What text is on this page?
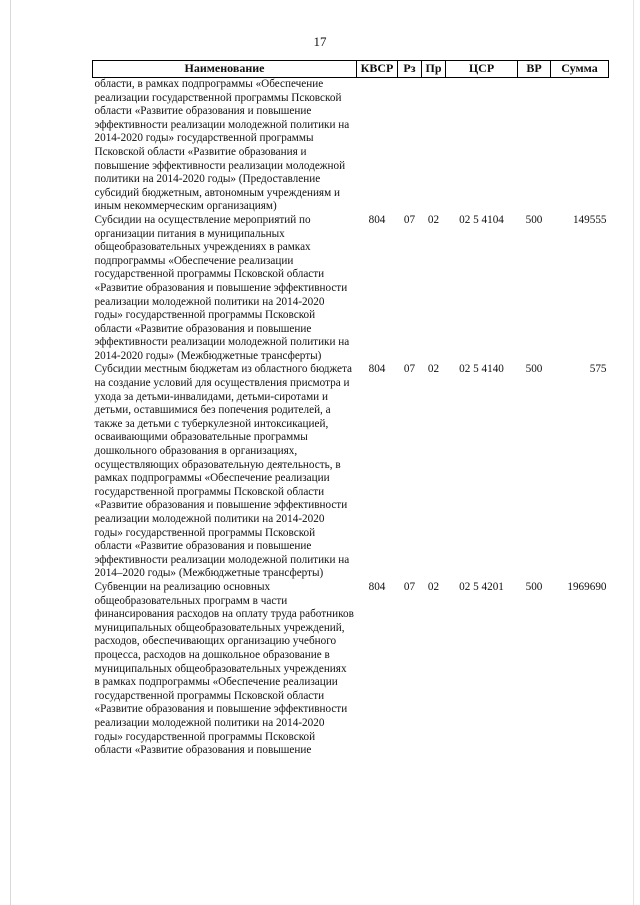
17
Наименование	КВСР	Рз	Пр	ЦСР	ВР	Сумма
области, в рамках подпрограммы «Обеспечение реализации государственной программы Псковской области «Развитие образования и повышение эффективности реализации молодежной политики на 2014-2020 годы» государственной программы Псковской области «Развитие образования и повышение эффективности реализации молодежной политики на 2014-2020 годы» (Предоставление субсидий бюджетным, автономным учреждениям и иным некоммерческим организациям)						
Субсидии на осуществление мероприятий по организации питания в муниципальных общеобразовательных учреждениях в рамках подпрограммы «Обеспечение реализации государственной программы Псковской области «Развитие образования и повышение эффективности реализации молодежной политики на 2014-2020 годы» государственной программы Псковской области «Развитие образования и повышение эффективности реализации молодежной политики на 2014-2020 годы» (Межбюджетные трансферты)	804	07	02	02 5 4104	500	149555
Субсидии местным бюджетам из областного бюджета на создание условий для осуществления присмотра и ухода за детьми-инвалидами, детьми-сиротами и детьми, оставшимися без попечения родителей, а также за детьми с туберкулезной интоксикацией, осваивающими образовательные программы дошкольного образования в организациях, осуществляющих образовательную деятельность, в рамках подпрограммы «Обеспечение реализации государственной программы Псковской области «Развитие образования и повышение эффективности реализации молодежной политики на 2014-2020 годы» государственной программы Псковской области «Развитие образования и повышение эффективности реализации молодежной политики на 2014–2020 годы» (Межбюджетные трансферты)	804	07	02	02 5 4140	500	575
Субвенции на реализацию основных общеобразовательных программ в части финансирования расходов на оплату труда работников муниципальных общеобразовательных учреждений, расходов, обеспечивающих организацию учебного процесса, расходов на дошкольное образование в муниципальных общеобразовательных учреждениях в рамках подпрограммы «Обеспечение реализации государственной программы Псковской области «Развитие образования и повышение эффективности реализации молодежной политики на 2014-2020 годы» государственной программы Псковской области «Развитие образования и повышение	804	07	02	02 5 4201	500	1969690
